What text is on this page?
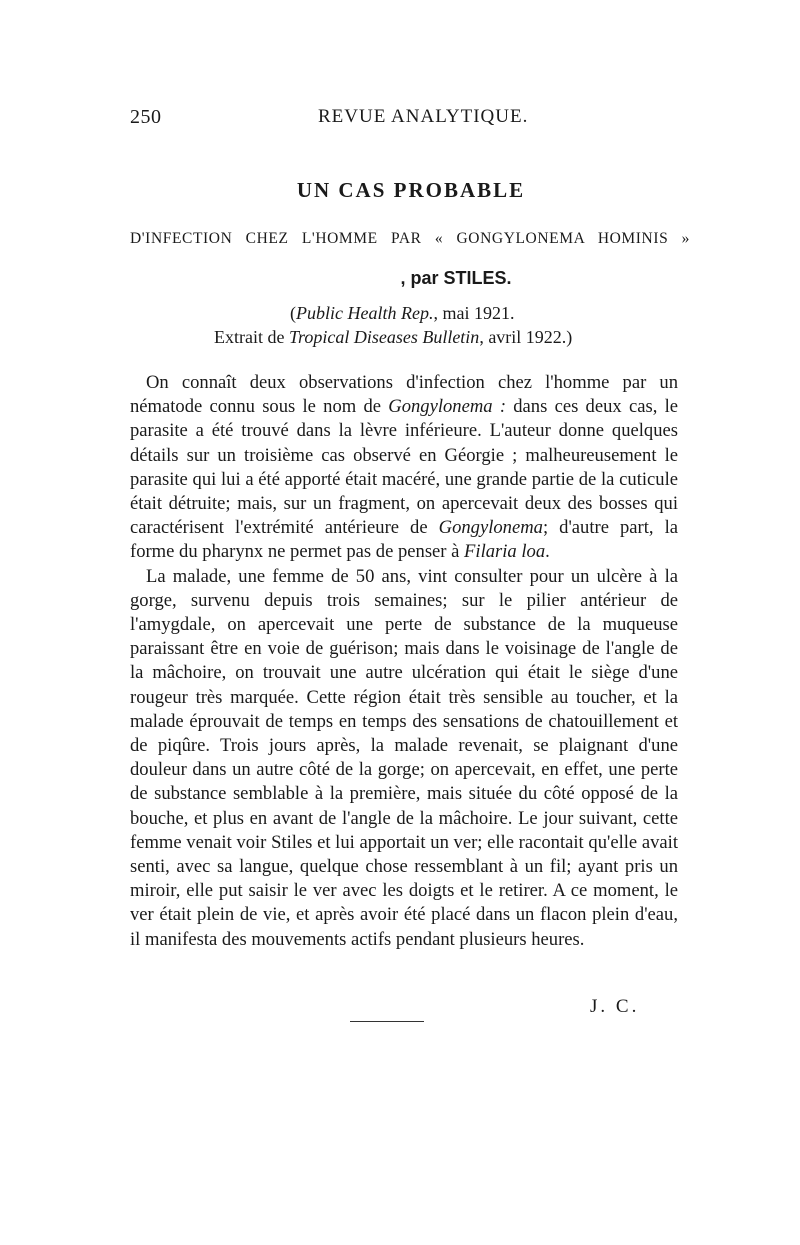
250	REVUE ANALYTIQUE.
UN CAS PROBABLE
D'INFECTION CHEZ L'HOMME PAR « GONGYLONEMA HOMINIS »
, par STILES.
(Public Health Rep., mai 1921.
Extrait de Tropical Diseases Bulletin, avril 1922.)

On connaît deux observations d'infection chez l'homme par un nématode connu sous le nom de Gongylonema : dans ces deux cas, le parasite a été trouvé dans la lèvre inférieure. L'auteur donne quelques détails sur un troisième cas observé en Géorgie ; malheureusement le parasite qui lui a été apporté était macéré, une grande partie de la cuticule était détruite; mais, sur un fragment, on apercevait deux des bosses qui caractérisent l'extrémité antérieure de Gongylonema; d'autre part, la forme du pharynx ne permet pas de penser à Filaria loa.

La malade, une femme de 50 ans, vint consulter pour un ulcère à la gorge, survenu depuis trois semaines; sur le pilier antérieur de l'amygdale, on apercevait une perte de substance de la muqueuse paraissant être en voie de guérison; mais dans le voisinage de l'angle de la mâchoire, on trouvait une autre ulcération qui était le siège d'une rougeur très marquée. Cette région était très sensible au toucher, et la malade éprouvait de temps en temps des sensations de chatouillement et de piqûre. Trois jours après, la malade revenait, se plaignant d'une douleur dans un autre côté de la gorge; on apercevait, en effet, une perte de substance semblable à la première, mais située du côté opposé de la bouche, et plus en avant de l'angle de la mâchoire. Le jour suivant, cette femme venait voir Stiles et lui apportait un ver; elle racontait qu'elle avait senti, avec sa langue, quelque chose ressemblant à un fil; ayant pris un miroir, elle put saisir le ver avec les doigts et le retirer. A ce moment, le ver était plein de vie, et après avoir été placé dans un flacon plein d'eau, il manifesta des mouvements actifs pendant plusieurs heures.

J. C.
